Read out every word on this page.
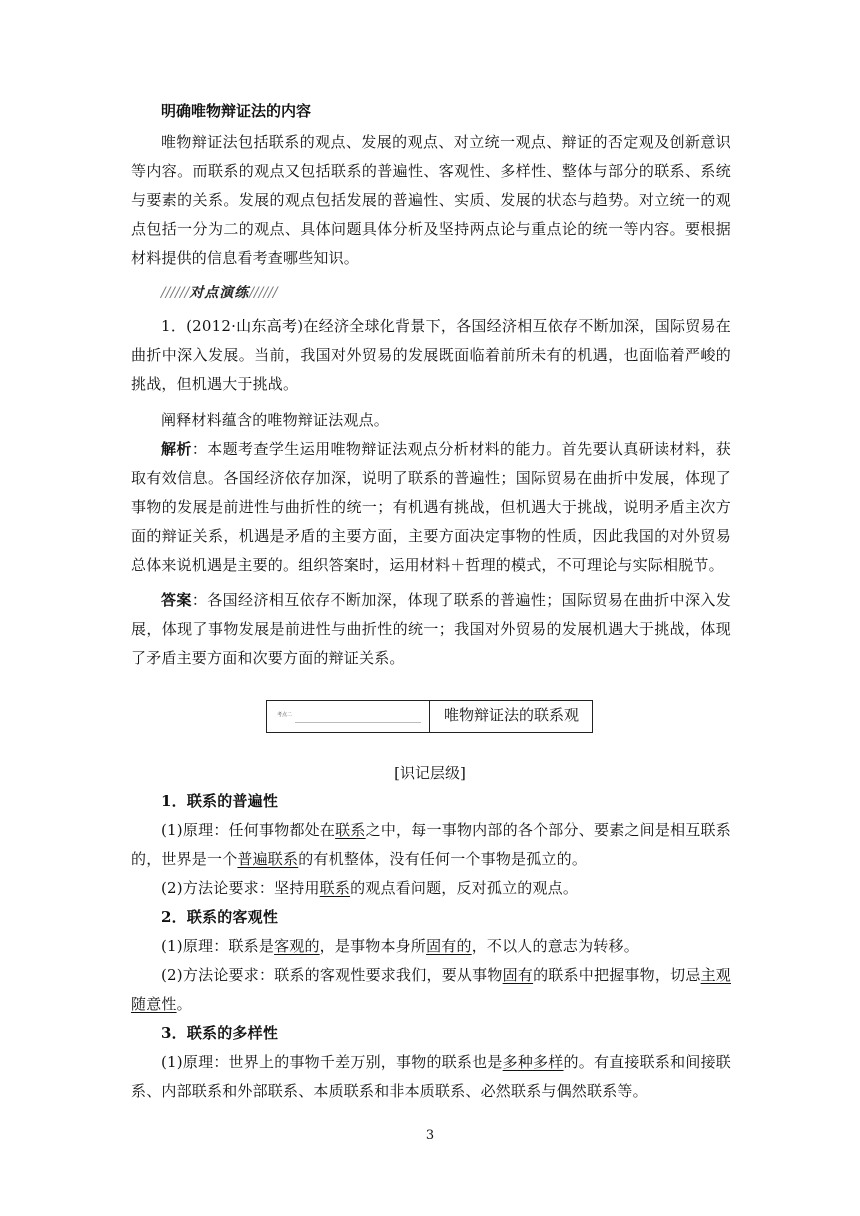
明确唯物辩证法的内容
唯物辩证法包括联系的观点、发展的观点、对立统一观点、辩证的否定观及创新意识等内容。而联系的观点又包括联系的普遍性、客观性、多样性、整体与部分的联系、系统与要素的关系。发展的观点包括发展的普遍性、实质、发展的状态与趋势。对立统一的观点包括一分为二的观点、具体问题具体分析及坚持两点论与重点论的统一等内容。要根据材料提供的信息看考查哪些知识。
//////对点演练//////
1．(2012·山东高考)在经济全球化背景下，各国经济相互依存不断加深，国际贸易在曲折中深入发展。当前，我国对外贸易的发展既面临着前所未有的机遇，也面临着严峻的挑战，但机遇大于挑战。
阐释材料蕴含的唯物辩证法观点。
解析：本题考查学生运用唯物辩证法观点分析材料的能力。首先要认真研读材料，获取有效信息。各国经济依存加深，说明了联系的普遍性；国际贸易在曲折中发展，体现了事物的发展是前进性与曲折性的统一；有机遇有挑战，但机遇大于挑战，说明矛盾主次方面的辩证关系，机遇是矛盾的主要方面，主要方面决定事物的性质，因此我国的对外贸易总体来说机遇是主要的。组织答案时，运用材料＋哲理的模式，不可理论与实际相脱节。
答案：各国经济相互依存不断加深，体现了联系的普遍性；国际贸易在曲折中深入发展，体现了事物发展是前进性与曲折性的统一；我国对外贸易的发展机遇大于挑战，体现了矛盾主要方面和次要方面的辩证关系。
考点二	唯物辩证法的联系观
[识记层级]
1．联系的普遍性
(1)原理：任何事物都处在联系之中，每一事物内部的各个部分、要素之间是相互联系的，世界是一个普遍联系的有机整体，没有任何一个事物是孤立的。
(2)方法论要求：坚持用联系的观点看问题，反对孤立的观点。
2．联系的客观性
(1)原理：联系是客观的，是事物本身所固有的，不以人的意志为转移。
(2)方法论要求：联系的客观性要求我们，要从事物固有的联系中把握事物，切忌主观随意性。
3．联系的多样性
(1)原理：世界上的事物千差万别，事物的联系也是多种多样的。有直接联系和间接联系、内部联系和外部联系、本质联系和非本质联系、必然联系与偶然联系等。
3
